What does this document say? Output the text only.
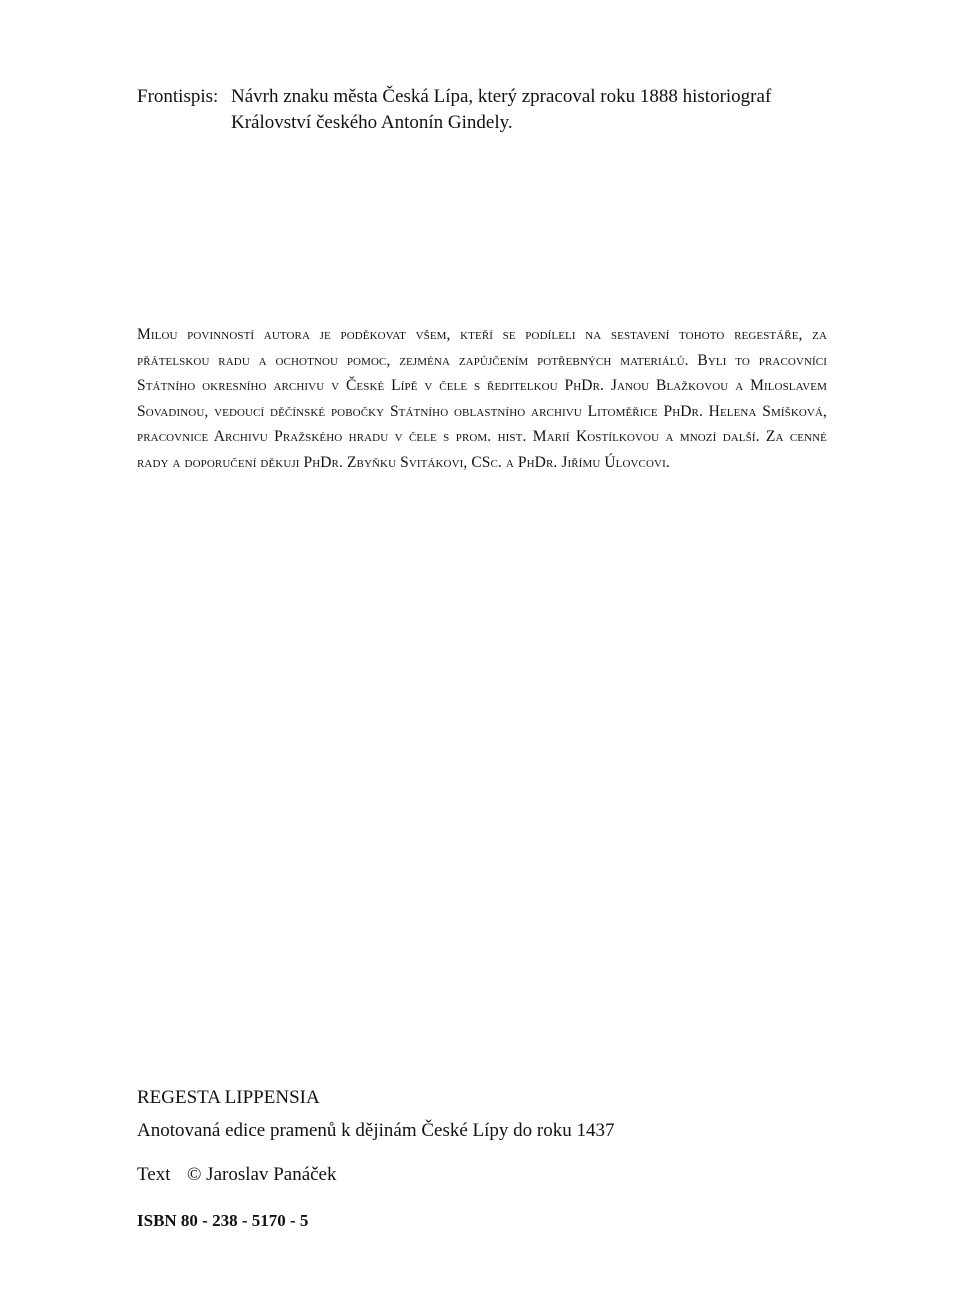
Frontispis: Návrh znaku města Česká Lípa, který zpracoval roku 1888 historiograf Království českého Antonín Gindely.

Milou povinností autora je poděkovat všem, kteří se podíleli na sestavení tohoto regestáře, za přátelskou radu a ochotnou pomoc, zejména zapůjčením potřebných materiálů. Byli to pracovníci Státního okresního archivu v České Lípě v čele s ředitelkou PhDr. Janou Blažkovou a Miloslavem Sovadinou, vedoucí děčínské pobočky Státního oblastního archivu Litoměřice PhDr. Helena Smíšková, pracovnice Archivu Pražského hradu v čele s prom. hist. Marií Kostílkovou a mnozí další. Za cenné rady a doporučení děkuji PhDr. Zbyňku Svitákovi, CSc. a PhDr. Jiřímu Úlovcovi.

REGESTA LIPPENSIA
Anotovaná edice pramenů k dějinám České Lípy do roku 1437
Text © Jaroslav Panáček
ISBN 80 - 238 - 5170 - 5
